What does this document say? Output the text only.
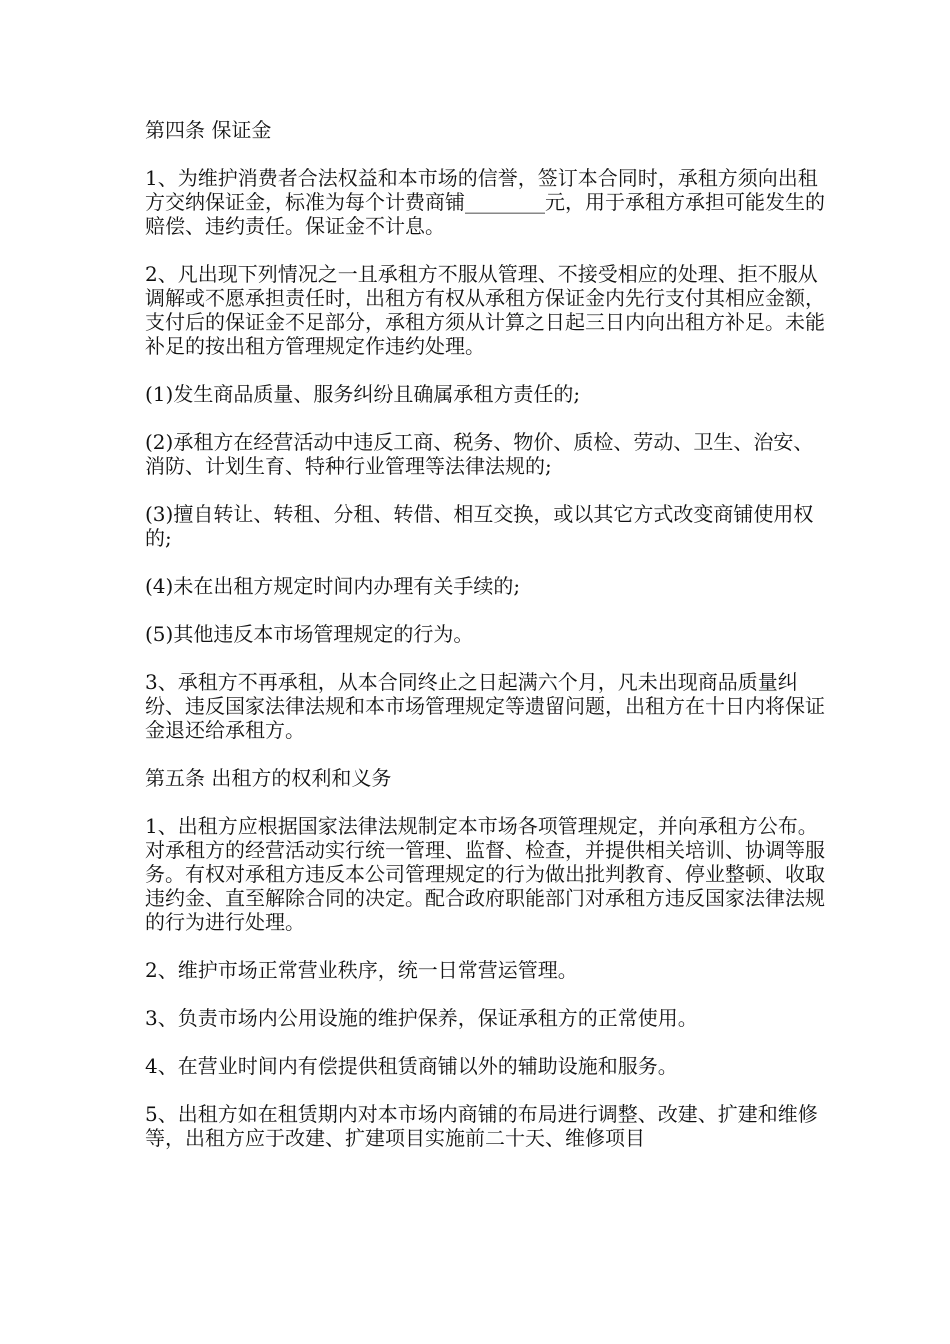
第四条 保证金

1、为维护消费者合法权益和本市场的信誉，签订本合同时，承租方须向出租方交纳保证金，标准为每个计费商铺________元，用于承租方承担可能发生的赔偿、违约责任。保证金不计息。

2、凡出现下列情况之一且承租方不服从管理、不接受相应的处理、拒不服从调解或不愿承担责任时，出租方有权从承租方保证金内先行支付其相应金额，支付后的保证金不足部分，承租方须从计算之日起三日内向出租方补足。未能补足的按出租方管理规定作违约处理。

(1)发生商品质量、服务纠纷且确属承租方责任的;

(2)承租方在经营活动中违反工商、税务、物价、质检、劳动、卫生、治安、消防、计划生育、特种行业管理等法律法规的;

(3)擅自转让、转租、分租、转借、相互交换，或以其它方式改变商铺使用权的;

(4)未在出租方规定时间内办理有关手续的;

(5)其他违反本市场管理规定的行为。

3、承租方不再承租，从本合同终止之日起满六个月，凡未出现商品质量纠纷、违反国家法律法规和本市场管理规定等遗留问题，出租方在十日内将保证金退还给承租方。

第五条 出租方的权利和义务

1、出租方应根据国家法律法规制定本市场各项管理规定，并向承租方公布。对承租方的经营活动实行统一管理、监督、检查，并提供相关培训、协调等服务。有权对承租方违反本公司管理规定的行为做出批判教育、停业整顿、收取违约金、直至解除合同的决定。配合政府职能部门对承租方违反国家法律法规的行为进行处理。

2、维护市场正常营业秩序，统一日常营运管理。

3、负责市场内公用设施的维护保养，保证承租方的正常使用。

4、在营业时间内有偿提供租赁商铺以外的辅助设施和服务。

5、出租方如在租赁期内对本市场内商铺的布局进行调整、改建、扩建和维修等，出租方应于改建、扩建项目实施前二十天、维修项目
